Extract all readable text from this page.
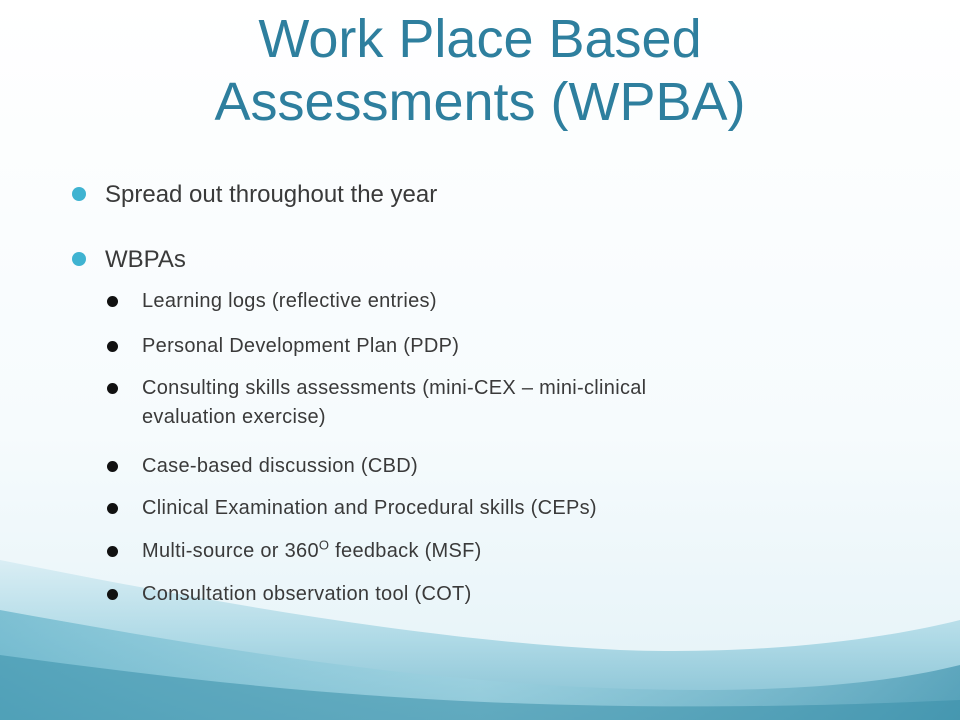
Work Place Based
Assessments (WPBA)
Spread out throughout the year
WBPAs
Learning logs (reflective entries)
Personal Development Plan (PDP)
Consulting skills assessments (mini-CEX – mini-clinical
evaluation exercise)
Case-based discussion (CBD)
Clinical Examination and Procedural skills (CEPs)
Multi-source or $360^O$ feedback (MSF)
Consultation observation tool (COT)
